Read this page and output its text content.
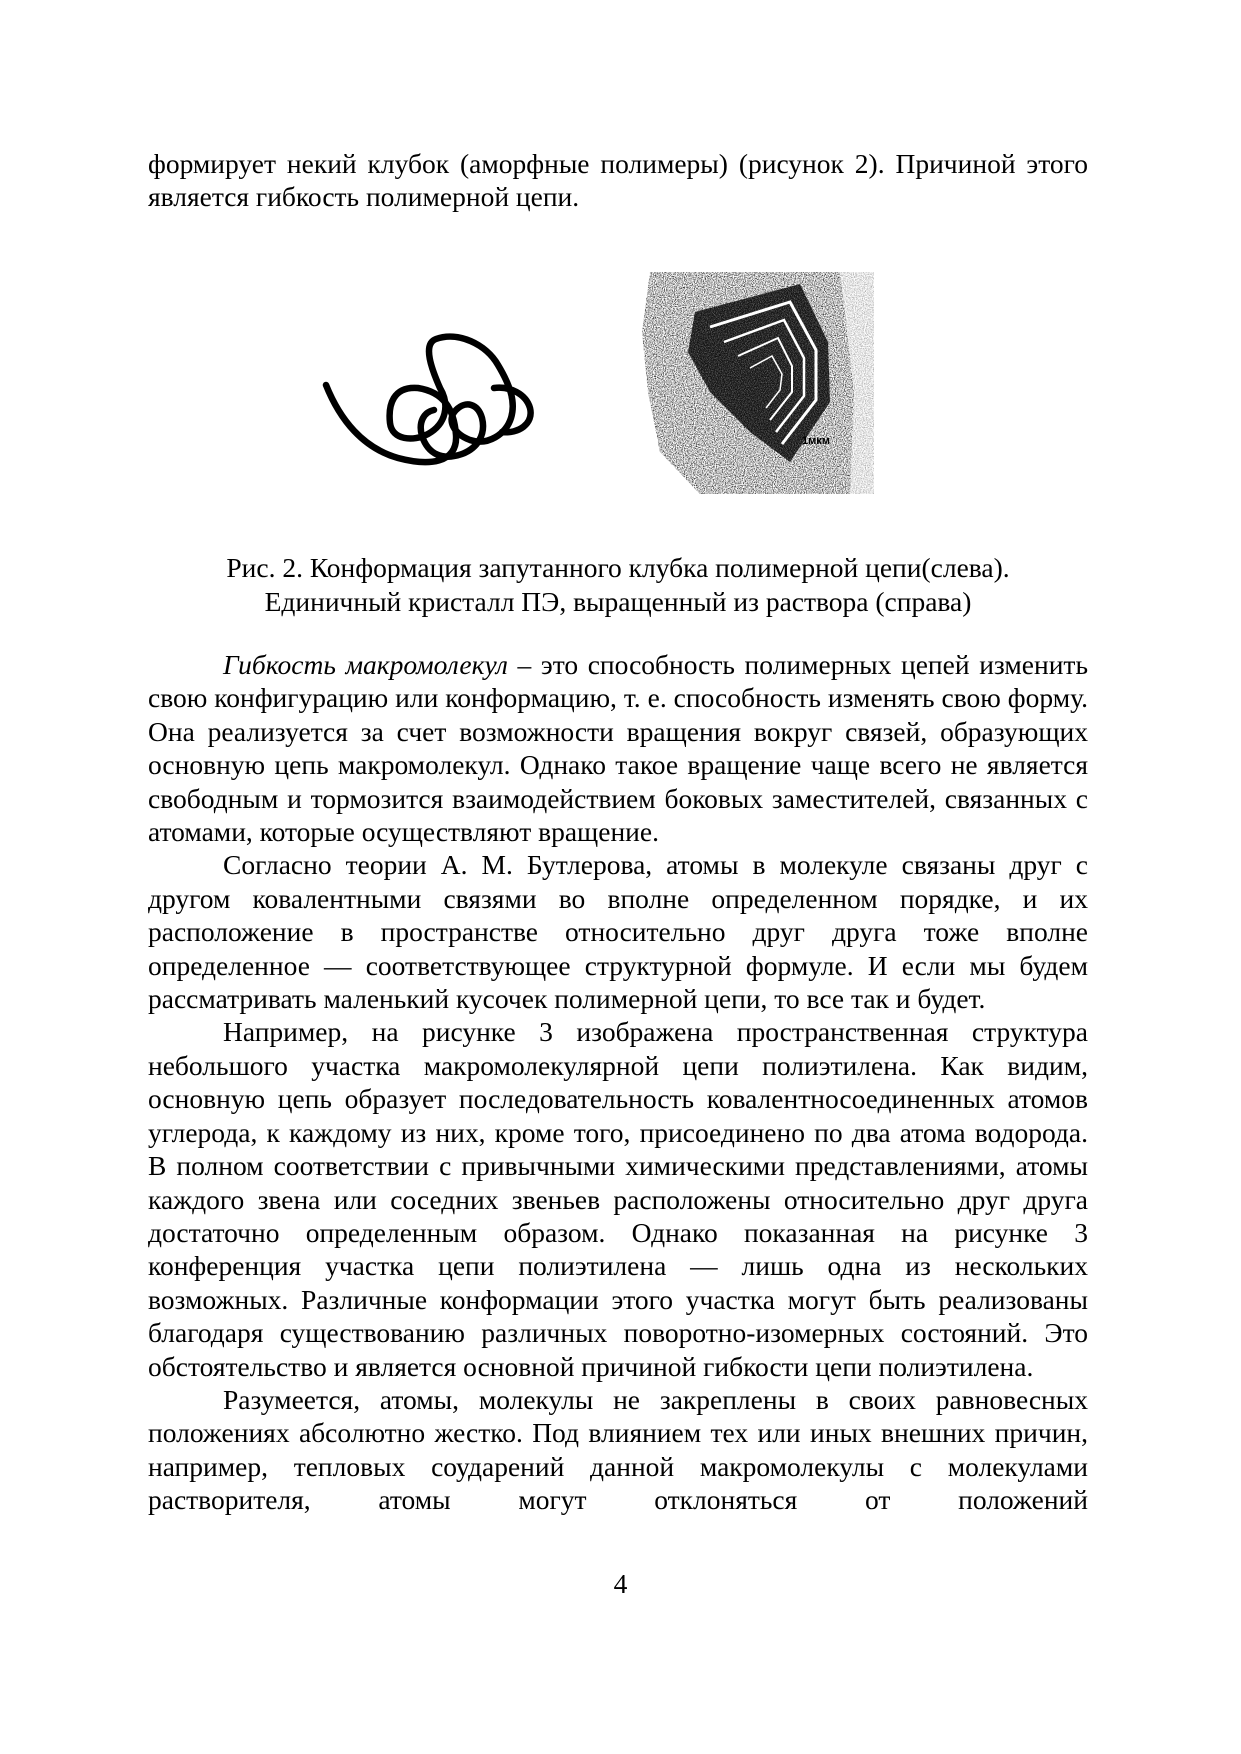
формирует некий клубок (аморфные полимеры) (рисунок 2). Причиной этого является гибкость полимерной цепи.

1мкм
Рис. 2. Конформация запутанного клубка полимерной цепи(слева).
Единичный кристалл ПЭ, выращенный из раствора (справа)

Гибкость макромолекул – это способность полимерных цепей изменить свою конфигурацию или конформацию, т. е. способность изменять свою форму. Она реализуется за счет возможности вращения вокруг связей, образующих основную цепь макромолекул. Однако такое вращение чаще всего не является свободным и тормозится взаимодействием боковых заместителей, связанных с атомами, которые осуществляют вращение.

Согласно теории А. М. Бутлерова, атомы в молекуле связаны друг с другом ковалентными связями во вполне определенном порядке, и их расположение в пространстве относительно друг друга тоже вполне определенное — соответствующее структурной формуле. И если мы будем рассматривать маленький кусочек полимерной цепи, то все так и будет.

Например, на рисунке 3 изображена пространственная структура небольшого участка макромолекулярной цепи полиэтилена. Как видим, основную цепь образует последовательность ковалентносоединенных атомов углерода, к каждому из них, кроме того, присоединено по два атома водорода. В полном соответствии с привычными химическими представлениями, атомы каждого звена или соседних звеньев расположены относительно друг друга достаточно определенным образом. Однако показанная на рисунке 3 конференция участка цепи полиэтилена — лишь одна из нескольких возможных. Различные конформации этого участка могут быть реализованы благодаря существованию различных поворотно-изомерных состояний. Это обстоятельство и является основной причиной гибкости цепи полиэтилена.

Разумеется, атомы, молекулы не закреплены в своих равновесных положениях абсолютно жестко. Под влиянием тех или иных внешних причин, например, тепловых соударений данной макромолекулы с молекулами растворителя, атомы могут отклоняться от положений

4
